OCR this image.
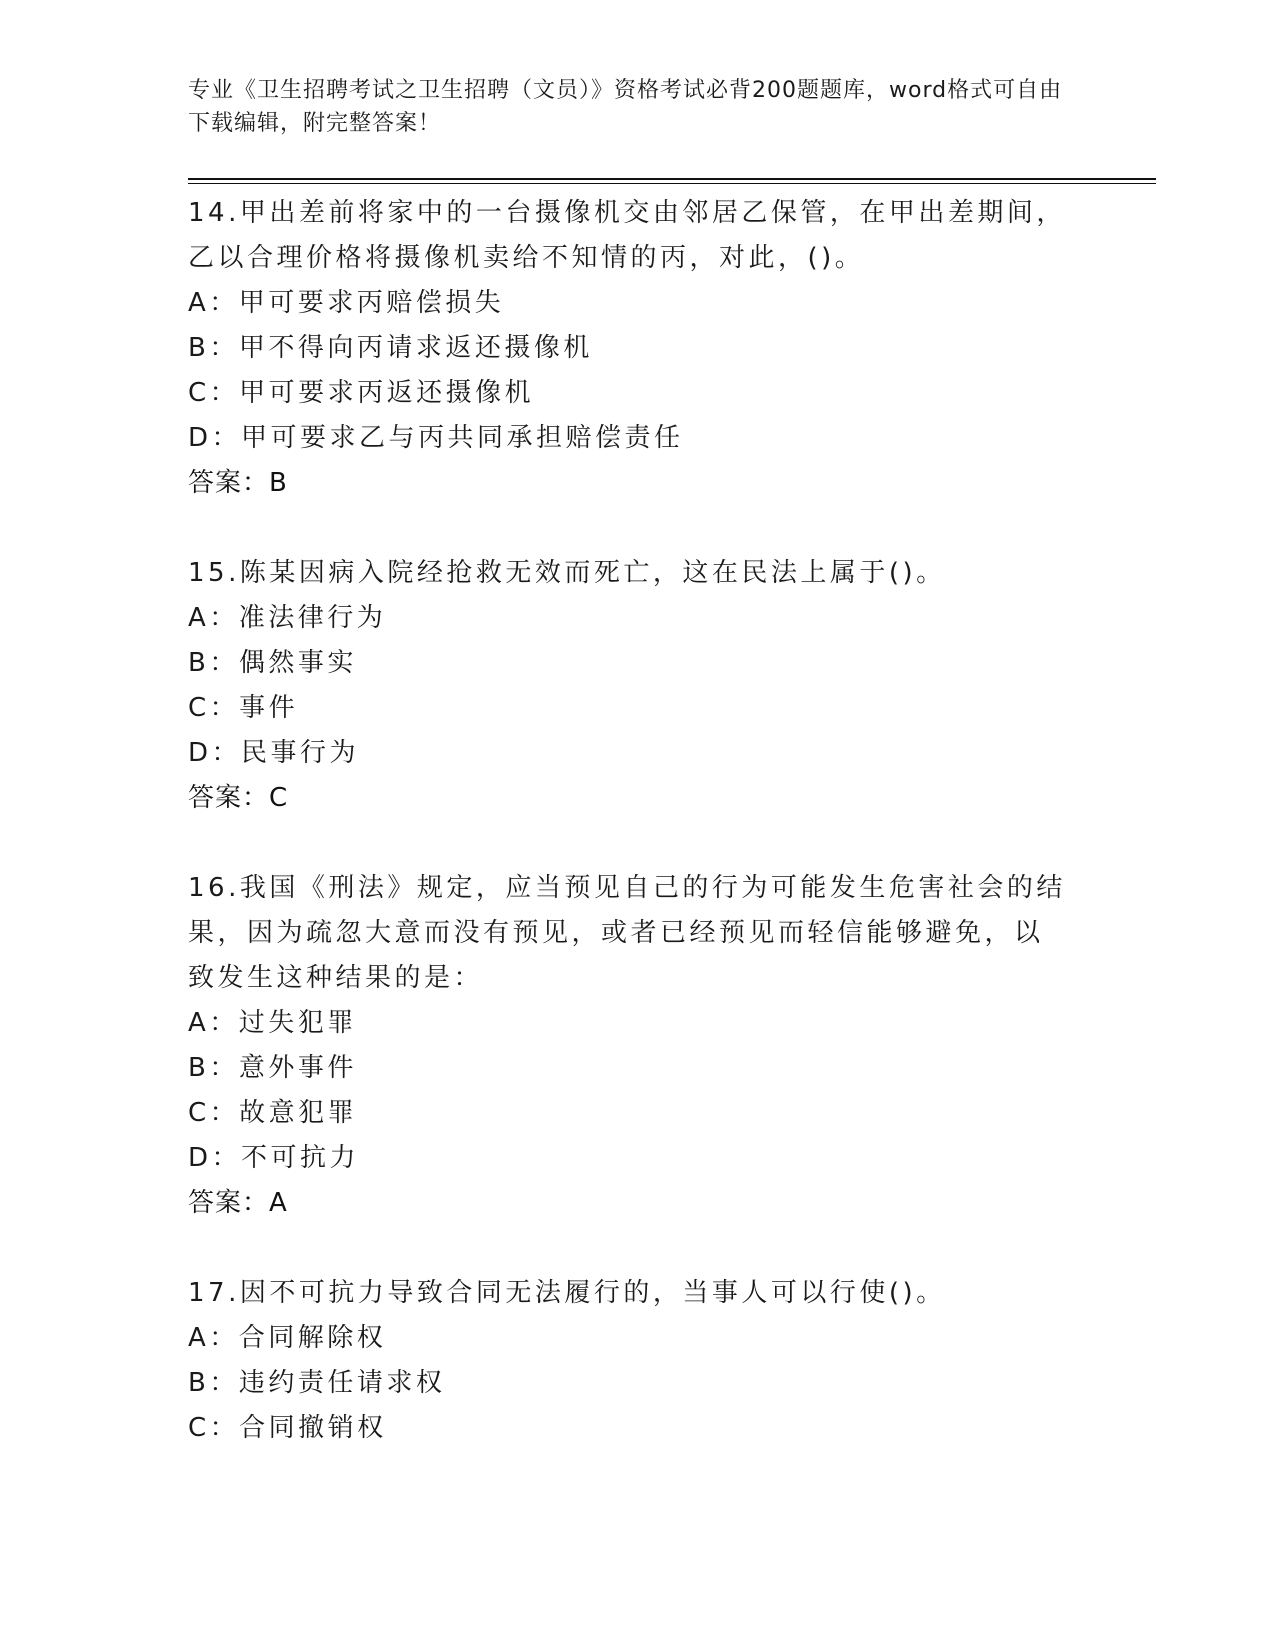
专业《卫生招聘考试之卫生招聘（文员）》资格考试必背200题题库，word格式可自由下载编辑，附完整答案！
14.甲出差前将家中的一台摄像机交由邻居乙保管，在甲出差期间，乙以合理价格将摄像机卖给不知情的丙，对此，()。
A：甲可要求丙赔偿损失
B：甲不得向丙请求返还摄像机
C：甲可要求丙返还摄像机
D：甲可要求乙与丙共同承担赔偿责任
答案：B
15.陈某因病入院经抢救无效而死亡，这在民法上属于()。
A：准法律行为
B：偶然事实
C：事件
D：民事行为
答案：C
16.我国《刑法》规定，应当预见自己的行为可能发生危害社会的结果，因为疏忽大意而没有预见，或者已经预见而轻信能够避免，以致发生这种结果的是：
A：过失犯罪
B：意外事件
C：故意犯罪
D：不可抗力
答案：A
17.因不可抗力导致合同无法履行的，当事人可以行使()。
A：合同解除权
B：违约责任请求权
C：合同撤销权
